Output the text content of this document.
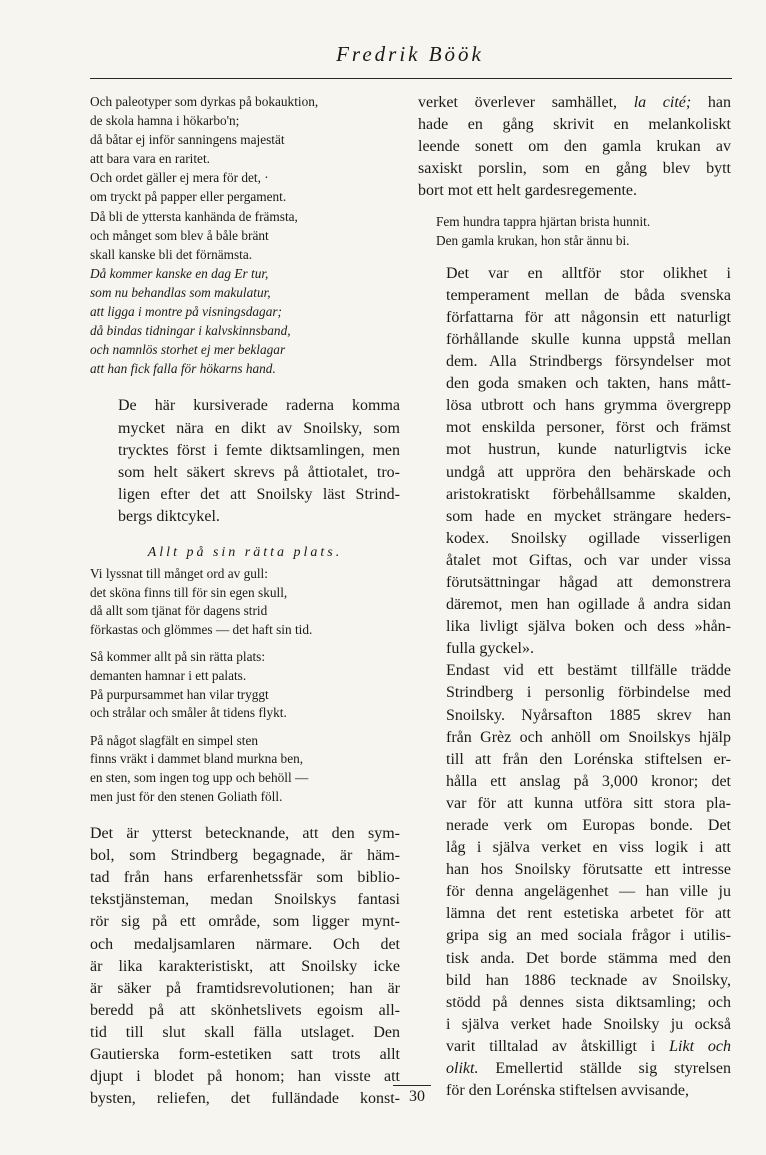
Fredrik Böök
Och paleotyper som dyrkas på bokauktion,
de skola hamna i hökarbo'n;
då båtar ej inför sanningens majestät
att bara vara en raritet.
Och ordet gäller ej mera för det, ·
om tryckt på papper eller pergament.
Då bli de yttersta kanhända de främsta,
och månget som blev å båle bränt
skall kanske bli det förnämsta.
Då kommer kanske en dag Er tur,
som nu behandlas som makulatur,
att ligga i montre på visningsdagar;
då bindas tidningar i kalvskinnsband,
och namnlös storhet ej mer beklagar
att han fick falla för hökarns hand.
De här kursiverade raderna komma
mycket nära en dikt av Snoilsky, som
trycktes först i femte diktsamlingen, men
som helt säkert skrevs på åttiotalet, tro-
ligen efter det att Snoilsky läst Strind-
bergs diktcykel.
Allt på sin rätta plats.
Vi lyssnat till månget ord av gull:
det sköna finns till för sin egen skull,
då allt som tjänat för dagens strid
förkastas och glömmes — det haft sin tid.
Så kommer allt på sin rätta plats:
demanten hamnar i ett palats.
På purpursammet han vilar tryggt
och strålar och småler åt tidens flykt.
På något slagfält en simpel sten
finns vräkt i dammet bland murkna ben,
en sten, som ingen tog upp och behöll —
men just för den stenen Goliath föll.
Det är ytterst betecknande, att den sym-
bol, som Strindberg begagnade, är häm-
tad från hans erfarenhetssfär som biblio-
tekstjänsteman, medan Snoilskys fantasi
rör sig på ett område, som ligger mynt-
och medaljsamlaren närmare. Och det
är lika karakteristiskt, att Snoilsky icke
är säker på framtidsrevolutionen; han är
beredd på att skönhetslivets egoism all-
tid till slut skall fälla utslaget. Den
Gautierska form-estetiken satt trots allt
djupt i blodet på honom; han visste att
bysten, reliefen, det fulländade konst-
verket överlever samhället, la cité; han
hade en gång skrivit en melankoliskt
leende sonett om den gamla krukan av
saxiskt porslin, som en gång blev bytt
bort mot ett helt gardesregemente.
Fem hundra tappra hjärtan brista hunnit.
Den gamla krukan, hon står ännu bi.
Det var en alltför stor olikhet i
temperament mellan de båda svenska
författarna för att någonsin ett naturligt
förhållande skulle kunna uppstå mellan
dem. Alla Strindbergs försyndelser mot
den goda smaken och takten, hans mått-
lösa utbrott och hans grymma övergrepp
mot enskilda personer, först och främst
mot hustrun, kunde naturligtvis icke
undgå att uppröra den behärskade och
aristokratiskt förbehållsamme skalden,
som hade en mycket strängare heders-
kodex. Snoilsky ogillade visserligen
åtalet mot Giftas, och var under vissa
förutsättningar hågad att demonstrera
däremot, men han ogillade å andra sidan
lika livligt själva boken och dess »hån-
fulla gyckel».
Endast vid ett bestämt tillfälle trädde
Strindberg i personlig förbindelse med
Snoilsky. Nyårsafton 1885 skrev han
från Grèz och anhöll om Snoilskys hjälp
till att från den Lorénska stiftelsen er-
hålla ett anslag på 3,000 kronor; det
var för att kunna utföra sitt stora pla-
nerade verk om Europas bonde. Det
låg i själva verket en viss logik i att
han hos Snoilsky förutsatte ett intresse
för denna angelägenhet — han ville ju
lämna det rent estetiska arbetet för att
gripa sig an med sociala frågor i utilis-
tisk anda. Det borde stämma med den
bild han 1886 tecknade av Snoilsky,
stödd på dennes sista diktsamling; och
i själva verket hade Snoilsky ju också
varit tilltalad av åtskilligt i Likt och
olikt. Emellertid ställde sig styrelsen
för den Lorénska stiftelsen avvisande,
30
